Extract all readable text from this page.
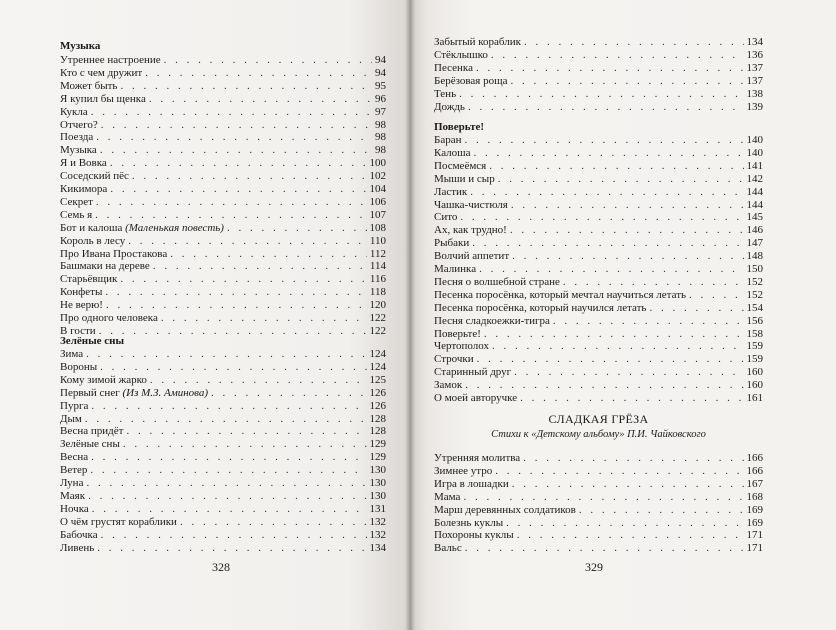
Музыка
Утреннее настроение . . .	94
Кто с чем дружит . . .	94
Может быть . . .	95
Я купил бы щенка . . .	96
Кукла . . .	97
Отчего? . . .	98
Поезда . . .	98
Музыка . . .	98
Я и Вовка . . .	100
Соседский пёс . . .	102
Кикимора . . .	104
Секрет . . .	106
Семь я . . .	107
Бот и калоша (Маленькая повесть) . . .	108
Король в лесу . . .	110
Про Ивана Простакова . . .	112
Башмаки на дереве . . .	114
Старьёвщик . . .	116
Конфеты . . .	118
Не верю! . . .	120
Про одного человека . . .	122
В гости . . .	122
Зелёные сны
Зима . . .	124
Вороны . . .	124
Кому зимой жарко . . .	125
Первый снег (Из М.З. Аминова) . . .	126
Пурга . . .	126
Дым . . .	128
Весна придёт . . .	128
Зелёные сны . . .	129
Весна . . .	129
Ветер . . .	130
Луна . . .	130
Маяк . . .	130
Ночка . . .	131
О чём грустят кораблики . . .	132
Бабочка . . .	132
Ливень . . .	134
328
Забытый кораблик . . .	134
Стёклышко . . .	136
Песенка . . .	137
Берёзовая роща . . .	137
Тень . . .	138
Дождь . . .	139
Поверьте!
Баран . . .	140
Калоша . . .	140
Посмеёмся . . .	141
Мыши и сыр . . .	142
Ластик . . .	144
Чашка-чистюля . . .	144
Сито . . .	145
Ах, как трудно! . . .	146
Рыбаки . . .	147
Волчий аппетит . . .	148
Малинка . . .	150
Песня о волшебной стране . . .	152
Песенка поросёнка, который мечтал научиться летать . . .	152
Песенка поросёнка, который научился летать . . .	154
Песня сладкоежки-тигра . . .	156
Поверьте! . . .	158
Чертополох . . .	159
Строчки . . .	159
Старинный друг . . .	160
Замок . . .	160
О моей авторучке . . .	161
СЛАДКАЯ ГРЁЗА
Стихи к «Детскому альбому» П.И. Чайковского
Утренняя молитва . . .	166
Зимнее утро . . .	166
Игра в лошадки . . .	167
Мама . . .	168
Марш деревянных солдатиков . . .	169
Болезнь куклы . . .	169
Похороны куклы . . .	171
Вальс . . .	171
329
